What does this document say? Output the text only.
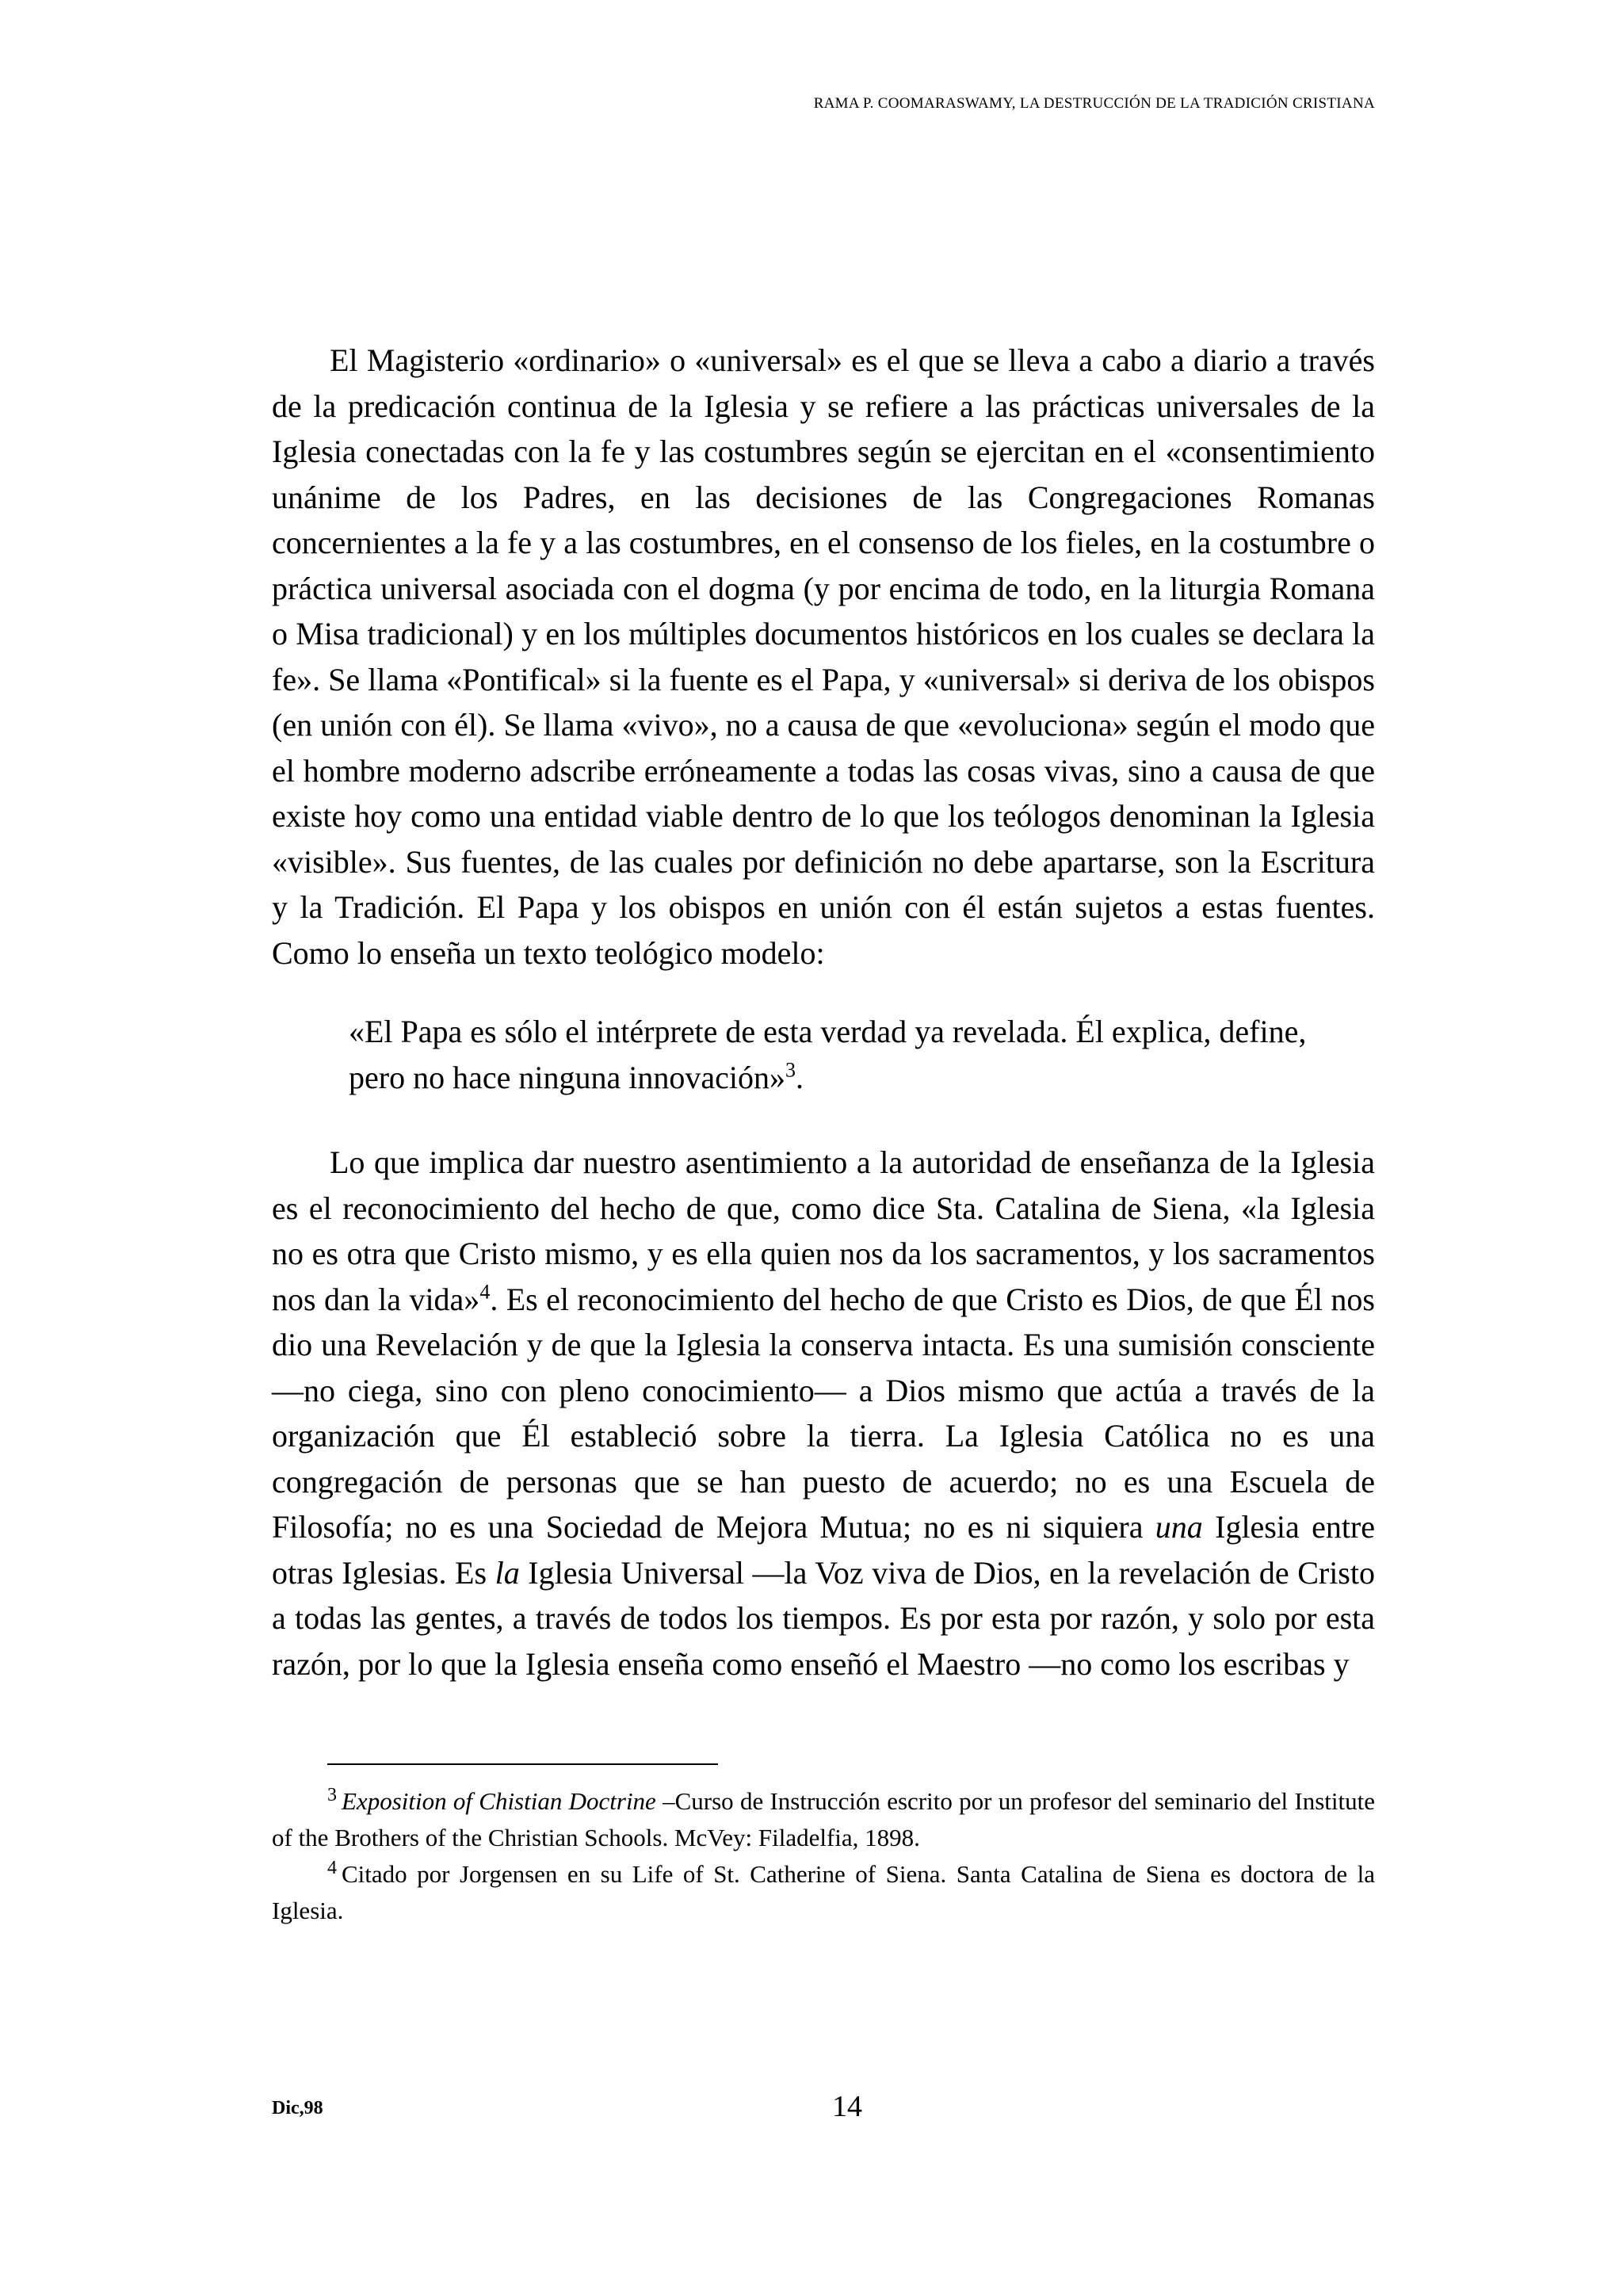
RAMA P. COOMARASWAMY, LA DESTRUCCIÓN DE LA TRADICIÓN CRISTIANA

El Magisterio «ordinario» o «universal» es el que se lleva a cabo a diario a través de la predicación continua de la Iglesia y se refiere a las prácticas universales de la Iglesia conectadas con la fe y las costumbres según se ejercitan en el «consentimiento unánime de los Padres, en las decisiones de las Congregaciones Romanas concernientes a la fe y a las costumbres, en el consenso de los fieles, en la costumbre o práctica universal asociada con el dogma (y por encima de todo, en la liturgia Romana o Misa tradicional) y en los múltiples documentos históricos en los cuales se declara la fe». Se llama «Pontifical» si la fuente es el Papa, y «universal» si deriva de los obispos (en unión con él). Se llama «vivo», no a causa de que «evoluciona» según el modo que el hombre moderno adscribe erróneamente a todas las cosas vivas, sino a causa de que existe hoy como una entidad viable dentro de lo que los teólogos denominan la Iglesia «visible». Sus fuentes, de las cuales por definición no debe apartarse, son la Escritura y la Tradición. El Papa y los obispos en unión con él están sujetos a estas fuentes. Como lo enseña un texto teológico modelo:

«El Papa es sólo el intérprete de esta verdad ya revelada. Él explica, define, pero no hace ninguna innovación»$^3$.

Lo que implica dar nuestro asentimiento a la autoridad de enseñanza de la Iglesia es el reconocimiento del hecho de que, como dice Sta. Catalina de Siena, «la Iglesia no es otra que Cristo mismo, y es ella quien nos da los sacramentos, y los sacramentos nos dan la vida»$^4$. Es el reconocimiento del hecho de que Cristo es Dios, de que Él nos dio una Revelación y de que la Iglesia la conserva intacta. Es una sumisión consciente —no ciega, sino con pleno conocimiento— a Dios mismo que actúa a través de la organización que Él estableció sobre la tierra. La Iglesia Católica no es una congregación de personas que se han puesto de acuerdo; no es una Escuela de Filosofía; no es una Sociedad de Mejora Mutua; no es ni siquiera una Iglesia entre otras Iglesias. Es la Iglesia Universal —la Voz viva de Dios, en la revelación de Cristo a todas las gentes, a través de todos los tiempos. Es por esta por razón, y solo por esta razón, por lo que la Iglesia enseña como enseñó el Maestro —no como los escribas y

$^3$ Exposition of Chistian Doctrine –Curso de Instrucción escrito por un profesor del seminario del Institute of the Brothers of the Christian Schools. McVey: Filadelfia, 1898.

$^4$ Citado por Jorgensen en su Life of St. Catherine of Siena. Santa Catalina de Siena es doctora de la Iglesia.

Dic,98	14
